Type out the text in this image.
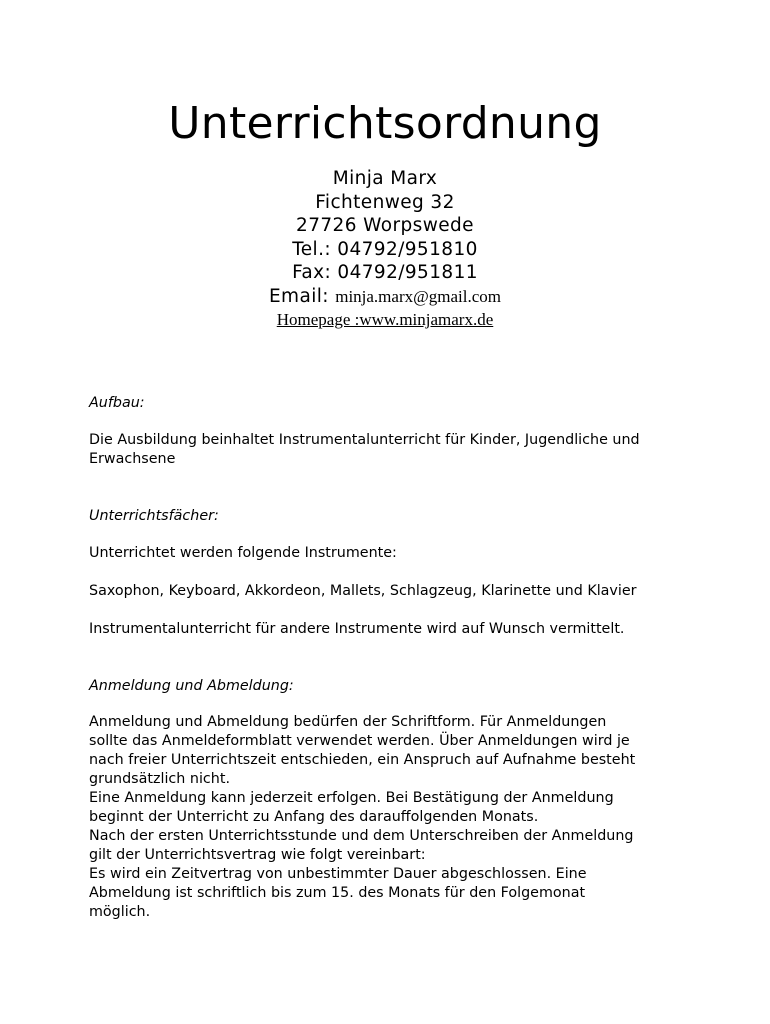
Unterrichtsordnung
Minja Marx
Fichtenweg 32
27726 Worpswede
Tel.: 04792/951810
Fax: 04792/951811
Email: minja.marx@gmail.com
Homepage :www.minjamarx.de
Aufbau:
Die Ausbildung beinhaltet Instrumentalunterricht für Kinder, Jugendliche und
Erwachsene
Unterrichtsfächer:
Unterrichtet werden folgende Instrumente:
Saxophon, Keyboard, Akkordeon, Mallets, Schlagzeug, Klarinette und Klavier
Instrumentalunterricht für andere Instrumente wird auf Wunsch vermittelt.
Anmeldung und Abmeldung:
Anmeldung und Abmeldung bedürfen der Schriftform. Für Anmeldungen
sollte das Anmeldeformblatt verwendet werden. Über Anmeldungen wird je
nach freier Unterrichtszeit entschieden, ein Anspruch auf Aufnahme besteht
grundsätzlich nicht.
Eine Anmeldung kann jederzeit erfolgen. Bei Bestätigung der Anmeldung
beginnt der Unterricht zu Anfang des darauffolgenden Monats.
Nach der ersten Unterrichtsstunde und dem Unterschreiben der Anmeldung
gilt der Unterrichtsvertrag wie folgt vereinbart:
Es wird ein Zeitvertrag von unbestimmter Dauer abgeschlossen. Eine
Abmeldung ist schriftlich bis zum 15. des Monats für den Folgemonat
möglich.
